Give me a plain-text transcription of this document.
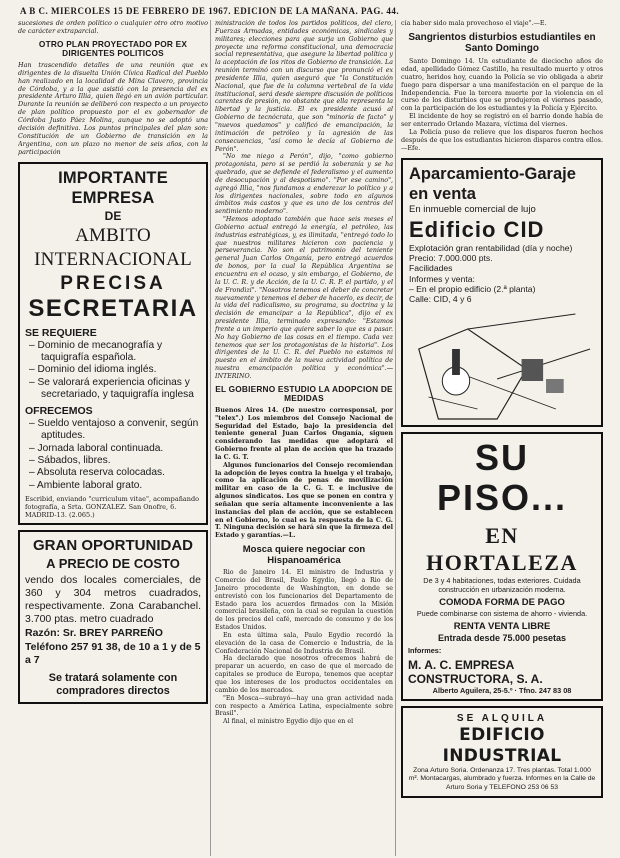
A B C. MIERCOLES 15 DE FEBRERO DE 1967. EDICION DE LA MAÑANA. PAG. 44.
sucesiones de orden político o cualquier otro otro motivo de carácter extraparcial.
OTRO PLAN PROYECTADO POR EX DIRIGENTES POLITICOS
Han trascendido detalles de una reunión que ex dirigentes de la disuelta Unión Cívica Radical del Pueblo han realizado en la localidad de Mina Clavero, provincia de Córdoba, y a la que asistió con la presencia del ex presidente Arturo Illia, quien llegó en un avión particular. Durante la reunión se deliberó con respecto a un proyecto de plan político propuesto por el ex gobernador de Córdoba Justo Páez Molina, aunque no se adoptó una decisión definitiva. Los puntos principales del plan son: Constitución de un Gobierno de transición en la Argentina, con un plazo no menor de seis años, con la participación
IMPORTANTE EMPRESA
DE
AMBITO INTERNACIONAL
PRECISA
SECRETARIA
SE REQUIERE
– Dominio de mecanografía y taquigrafía española.
– Dominio del idioma inglés.
– Se valorará experiencia oficinas y secretariado, y taquigrafía inglesa
OFRECEMOS
– Sueldo ventajoso a convenir, según aptitudes.
– Jornada laboral continuada.
– Sábados, libres.
– Absoluta reserva colocadas.
– Ambiente laboral grato.
Escribid, enviando "curriculum vitae", acompañando fotografía, a Srta. GONZALEZ. San Onofre, 6. MADRID-13. (2.065.)
GRAN OPORTUNIDAD
A PRECIO DE COSTO
vendo dos locales comerciales, de 360 y 304 metros cuadrados, respectivamente. Zona Carabanchel. 3.700 ptas. metro cuadrado
Razón: Sr. BREY PARREÑO
Teléfono 257 91 38, de 10 a 1 y de 5 a 7
Se tratará solamente con compradores directos
ministración de todos los partidos políticos, del clero, Fuerzas Armadas, entidades económicas, sindicales y militares; elecciones para que surja un Gobierno que proyecte una reforma constitucional, una democracia social representativa, que asegure la libertad política y la aceptación de los ritos de Gobierno de transición. La reunión terminó con un discurso que pronunció el ex presidente Illia, quien aseguró que "la Constitución Nacional, que fue de la columna vertebral de la vida institucional, será desde siempre discusión de políticos carentes de presión, no obstante que ella representa la libertad y la justicia. El ex presidente acusó al Gobierno de tecnócrata, que son "minoría de facto" y "nuevos quedamos" y calificó de emancipación, la intimación de petróleo y la agresión de las consecuencias, "así como le decía al Gobierno de Perón".
"No me niego a Perón", dijo, "como gobierno protagonista, pero si se perdió la soberanía y se ha quebrado, que se defiende el federalismo y el aumento de desocupación y al despotismo". "Por ese camino", agregó Illia, "nos fundamos a enderezar lo político y a los dirigentes nacionales, sobre todo en algunos ámbitos más castos y que es uno de los centros del sentimiento moderno".
"Hemos adoptado también que hace seis meses el Gobierno actual entregó la energía, el petróleo, las industrias estratégicas, y, es ilimitada, "entregó todo lo que nuestros militares hicieron con paciencia y perseverancia. No son el patrimonio del teniente general Juan Carlos Onganía, pero entregó acuerdos de bonos, por la cual la República Argentina se encuentra en el ocaso, y sin embargo, el Gobierno, de la U. C. R. y de Acción, de la U. C. R. P. el partido, y el de Frondizi". "Nosotros tenemos el deber de concretar nuevamente y tenemos el deber de hacerlo, es decir, de la vida del radicalismo, su programa, su doctrina y la decisión de emancipar a la República", dijo el ex presidente Illia, terminado expresando: "Estamos frente a un imperio que quiere saber lo que es a pasar. No hay Gobierno de las cosas en el tiempo. Cada vez tenemos que ser los protagonistas de la historia". Los dirigentes de la U. C. R. del Pueblo no estamos ni puesto en el ámbito de la nueva actividad política de nuestra emancipación política y económica".—INTERINO.
EL GOBIERNO ESTUDIO LA ADOPCION DE MEDIDAS
Buenos Aires 14. (De nuestro corresponsal, por "telex".) Los miembros del Consejo Nacional de Seguridad del Estado, bajo la presidencia del teniente general Juan Carlos Onganía, siguen considerando las medidas que adoptará el Gobierno frente al plan de acción que ha trazado la C. G. T.
Algunos funcionarios del Consejo recomiendan la adopción de leyes contra la huelga y el trabajo, como la aplicación de penas de movilización militar en caso de la C. G. T. e inclusive de algunos sindicatos. Los que se ponen en contra y señalan que sería altamente inconveniente a las instancias del plan de acción, que se establecen en el Gobierno, lo cual es la respuesta de la C. G. T. Ninguna decisión se hará sin que la firmeza del Estado y garantías.—L.
Mosca quiere negociar con Hispanoamérica
Rio de Janeiro 14. El ministro de Industria y Comercio del Brasil, Paulo Egydio, llegó a Rio de Janeiro procedente de Washington, en donde se entrevistó con los funcionarios del Departamento de Estado para los acuerdos firmados con la Misión comercial brasileña, con la cual se regulan la cuestión de los precios del café, mercado de consumo y de los Estados Unidos.
En esta última sala, Paulo Egydio recordó la elevación de la casa de Comercio e Industria, de la Confederación Nacional de Industria de Brasil.
Ha declarado que nosotros ofrecemos habrá de preparar un acuerdo, en caso de que el mercado de capitales se produce de Europa, tenemos que aceptar que los intereses de los productos occidentales en cambio de los mercados.
"En Mosca—subrayó—hay una gran actividad nada con respecto a América Latina, especialmente sobre Brasil".
Al final, el ministro Egydio dijo que en el
cía haber sido mala provechoso el viaje".—E.
Sangrientos disturbios estudiantiles en Santo Domingo
Santo Domingo 14. Un estudiante de dieciocho años de edad, apellidado Gómez Castillo, ha resultado muerto y otros cuatro, heridos hoy, cuando la Policía se vio obligada a abrir fuego para dispersar a una manifestación en el parque de la Independencia. Fue la tercera muerte por la violencia en el curso de los disturbios que se produjeron el viernes pasado, con la participación de los estudiantes y la Policía y Ejército.
El incidente de hoy se registró en el barrio donde había de ser enterrado Orlando Mazara, víctima del viernes.
La Policía puso de relieve que los disparos fueron hechos después de que los estudiantes hicieron disparos contra ellos.—Efe.
Aparcamiento-Garaje en venta
En inmueble comercial de lujo
Edificio CID
Explotación gran rentabilidad (día y noche)
Precio: 7.000.000 pts.
Facilidades
Informes y venta:
– En el propio edificio (2.ª planta)
Calle: CID, 4 y 6
SU PISO...
EN HORTALEZA
De 3 y 4 habitaciones, todas exteriores. Cuidada construcción en urbanización moderna.
COMODA FORMA DE PAGO
Puede combinarse con sistema de ahorro - vivienda.
RENTA VENTA LIBRE
Entrada desde 75.000 pesetas
Informes:
M. A. C. EMPRESA CONSTRUCTORA, S. A.
Alberto Aguilera, 25-5.º · Tfno. 247 83 08
SE ALQUILA
EDIFICIO INDUSTRIAL
Zona Arturo Soria. Ordenanza 17. Tres plantas. Total 1.000 m². Montacargas, alumbrado y fuerza. Informes en la Calle de Arturo Soria y TELEFONO 253 06 53
